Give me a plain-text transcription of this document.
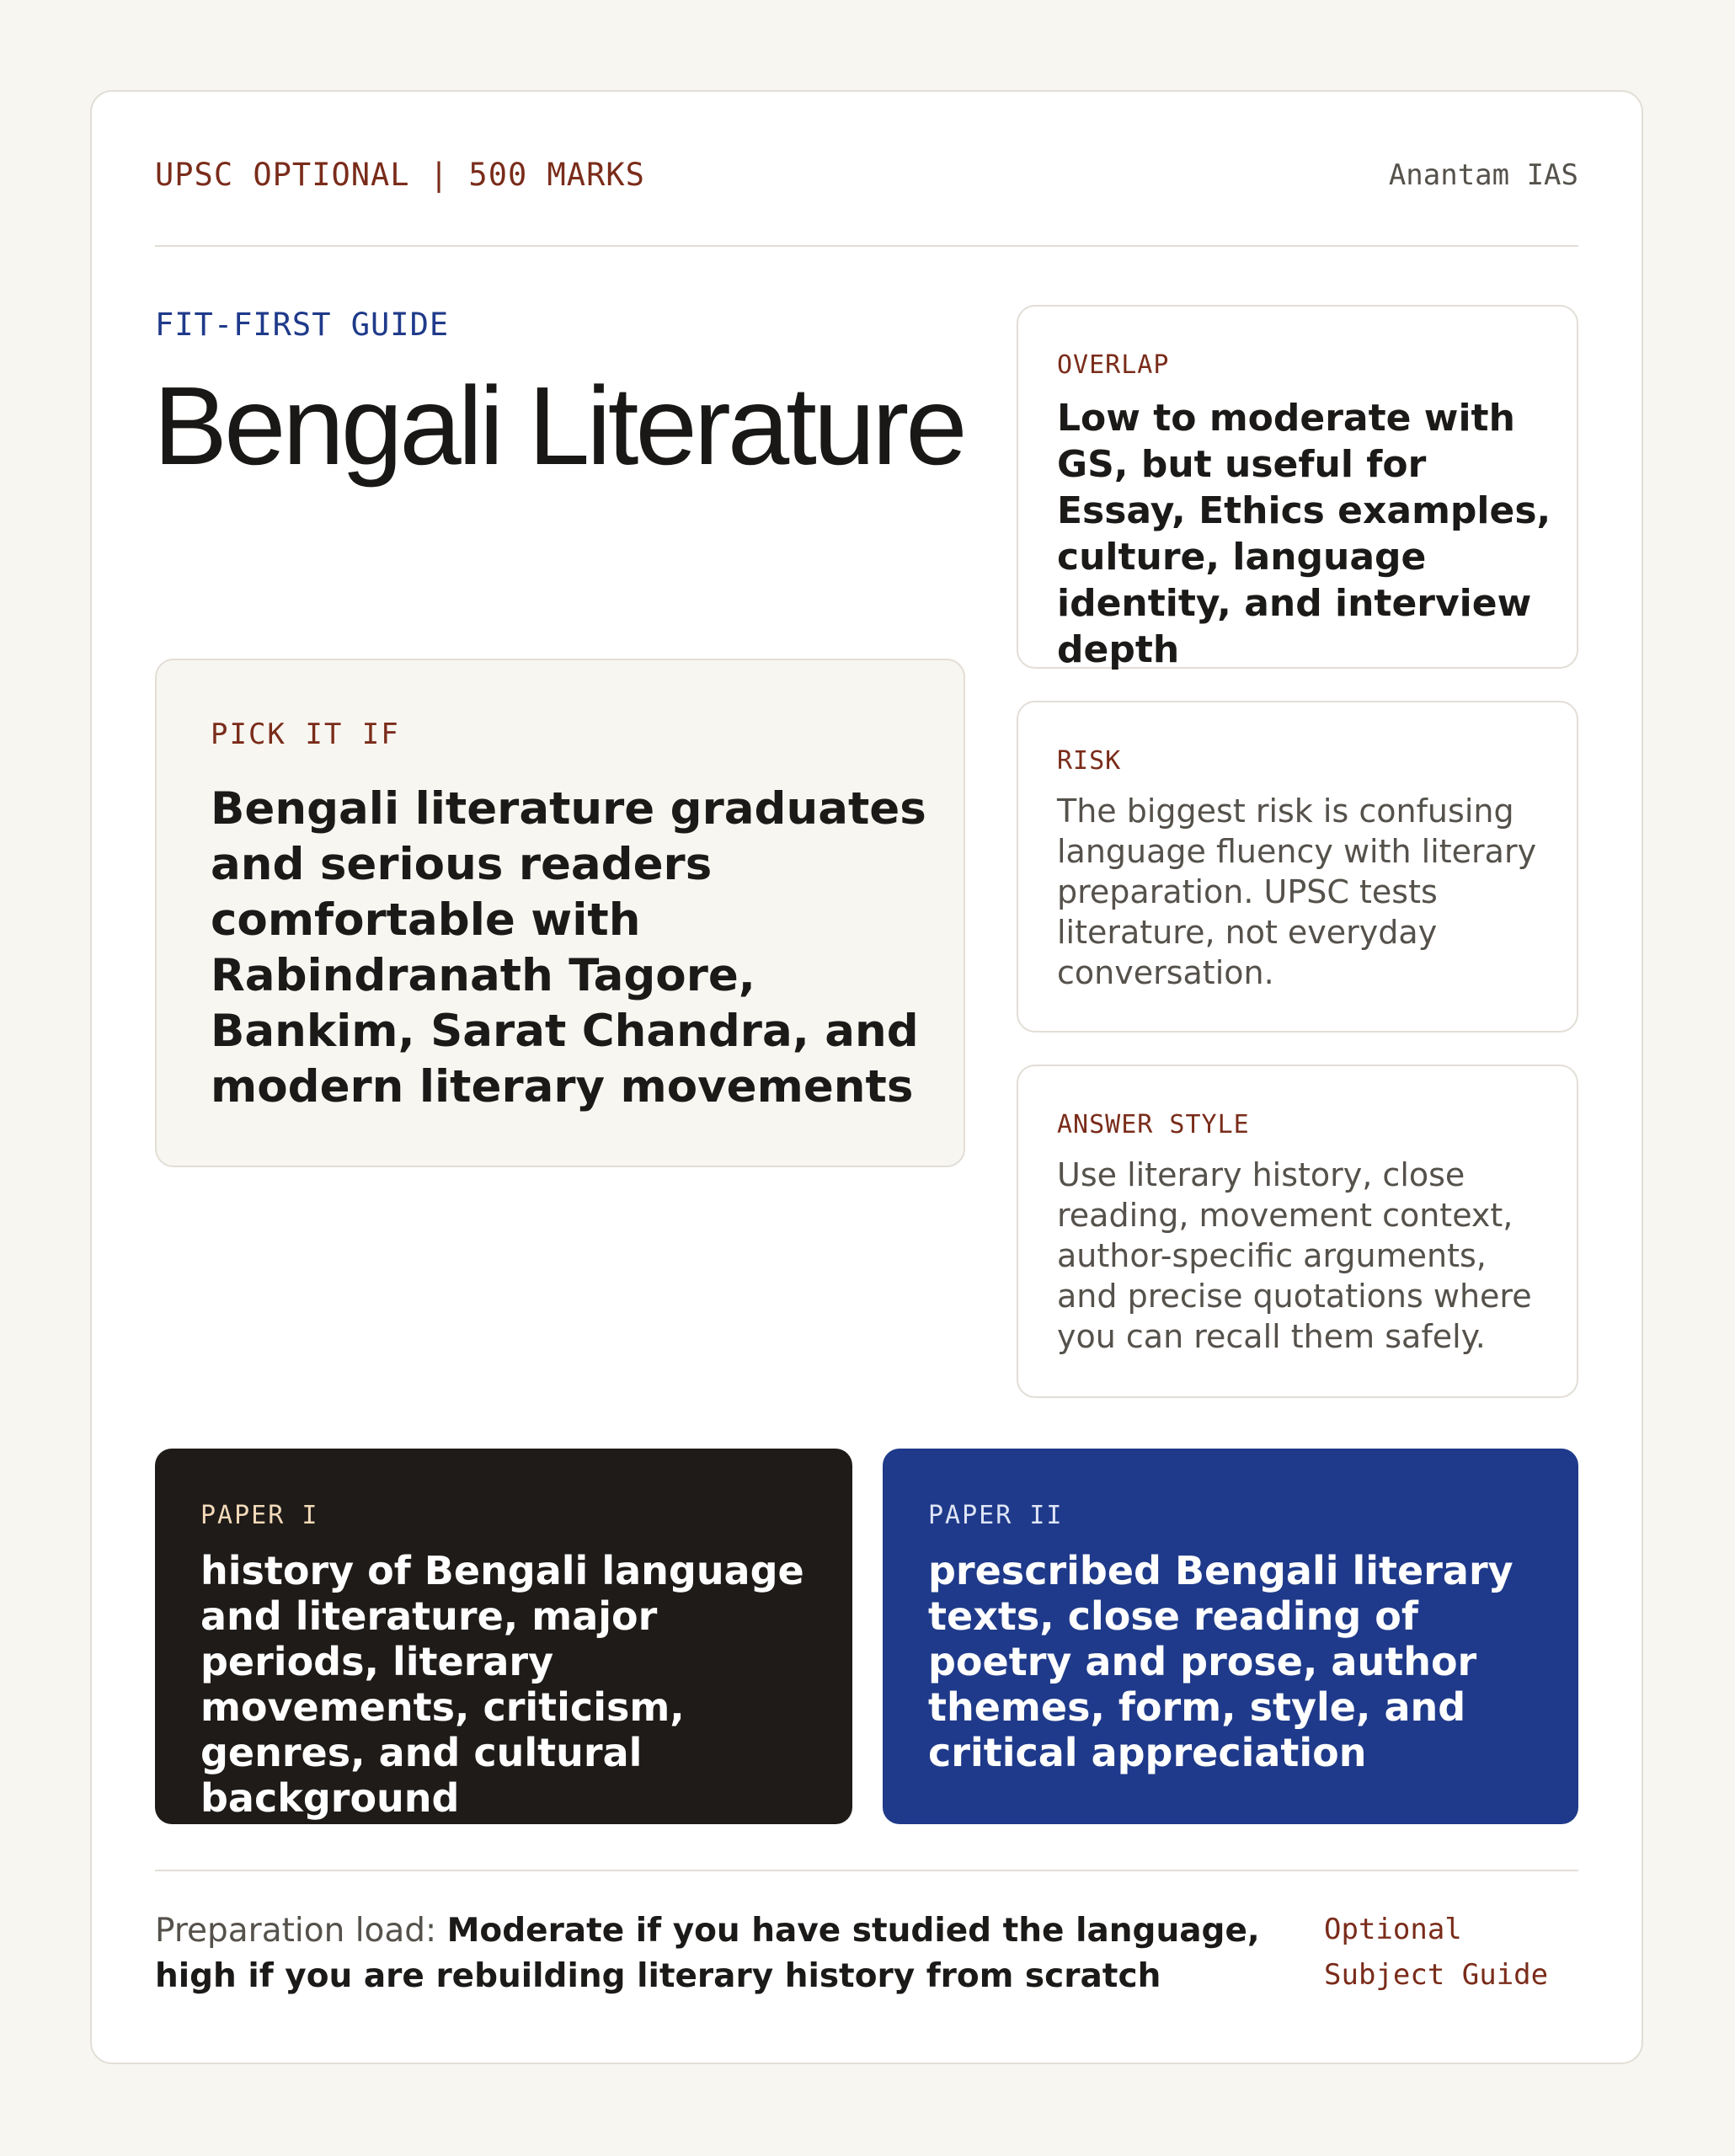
UPSC OPTIONAL | 500 MARKS	Anantam IAS
FIT-FIRST GUIDE
Bengali Literature
PICK IT IF

Bengali literature graduates and serious readers comfortable with Rabindranath Tagore, Bankim, Sarat Chandra, and modern literary movements

OVERLAP

Low to moderate with GS, but useful for Essay, Ethics examples, culture, language identity, and interview depth

RISK

The biggest risk is confusing language fluency with literary preparation. UPSC tests literature, not everyday conversation.

ANSWER STYLE

Use literary history, close reading, movement context, author-specific arguments, and precise quotations where you can recall them safely.

PAPER I

history of Bengali language and literature, major periods, literary movements, criticism, genres, and cultural background

PAPER II

prescribed Bengali literary texts, close reading of poetry and prose, author themes, form, style, and critical appreciation

Preparation load: Moderate if you have studied the language, high if you are rebuilding literary history from scratch

Optional Subject Guide
